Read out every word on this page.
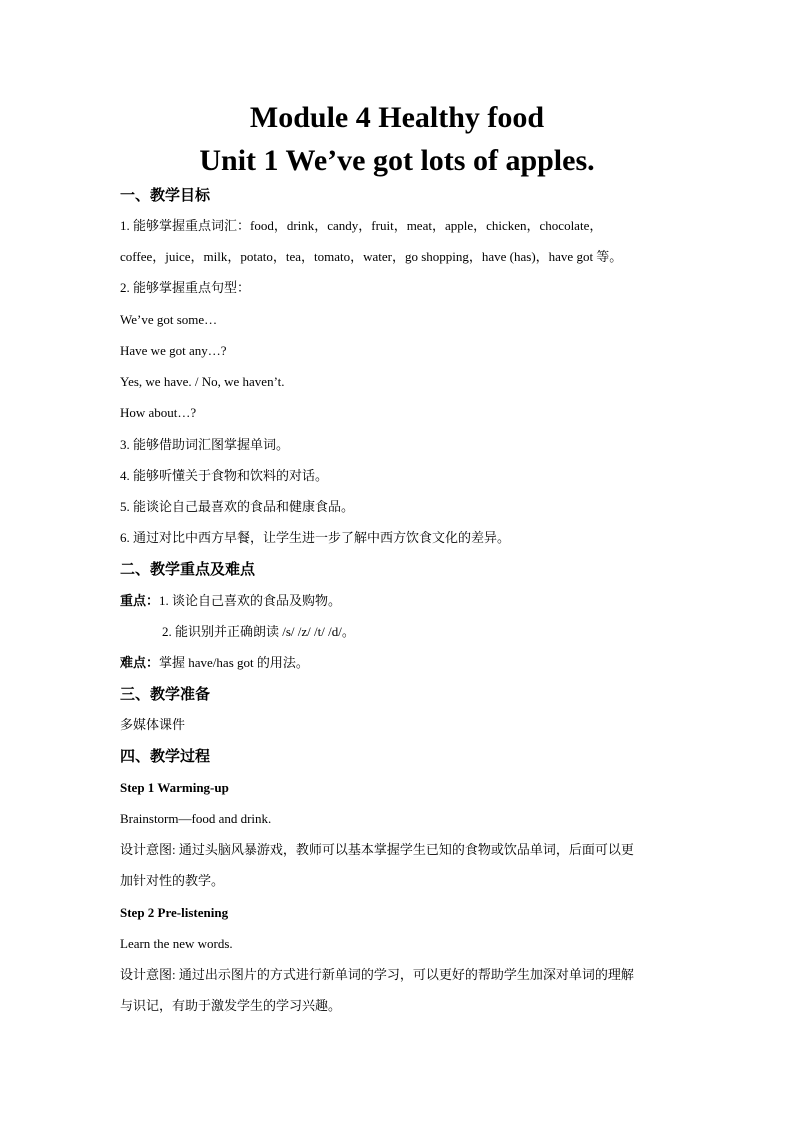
Module 4 Healthy food
Unit 1 We’ve got lots of apples.
一、教学目标
1. 能够掌握重点词汇：food，drink，candy，fruit，meat，apple，chicken，chocolate，
coffee，juice，milk，potato，tea，tomato，water，go shopping，have (has)，have got 等。
2. 能够掌握重点句型：
We’ve got some…
Have we got any…?
Yes, we have. / No, we haven’t.
How about…?
3. 能够借助词汇图掌握单词。
4. 能够听懂关于食物和饮料的对话。
5. 能谈论自己最喜欢的食品和健康食品。
6. 通过对比中西方早餐，让学生进一步了解中西方饮食文化的差异。
二、教学重点及难点
重点：1. 谈论自己喜欢的食品及购物。
2. 能识别并正确朗读 /s/ /z/ /t/ /d/。
难点：掌握 have/has got 的用法。
三、教学准备
多媒体课件
四、教学过程
Step 1 Warming-up
Brainstorm—food and drink.
设计意图: 通过头脑风暴游戏，教师可以基本掌握学生已知的食物或饮品单词，后面可以更
加针对性的教学。
Step 2 Pre-listening
Learn the new words.
设计意图: 通过出示图片的方式进行新单词的学习，可以更好的帮助学生加深对单词的理解
与识记，有助于激发学生的学习兴趣。
